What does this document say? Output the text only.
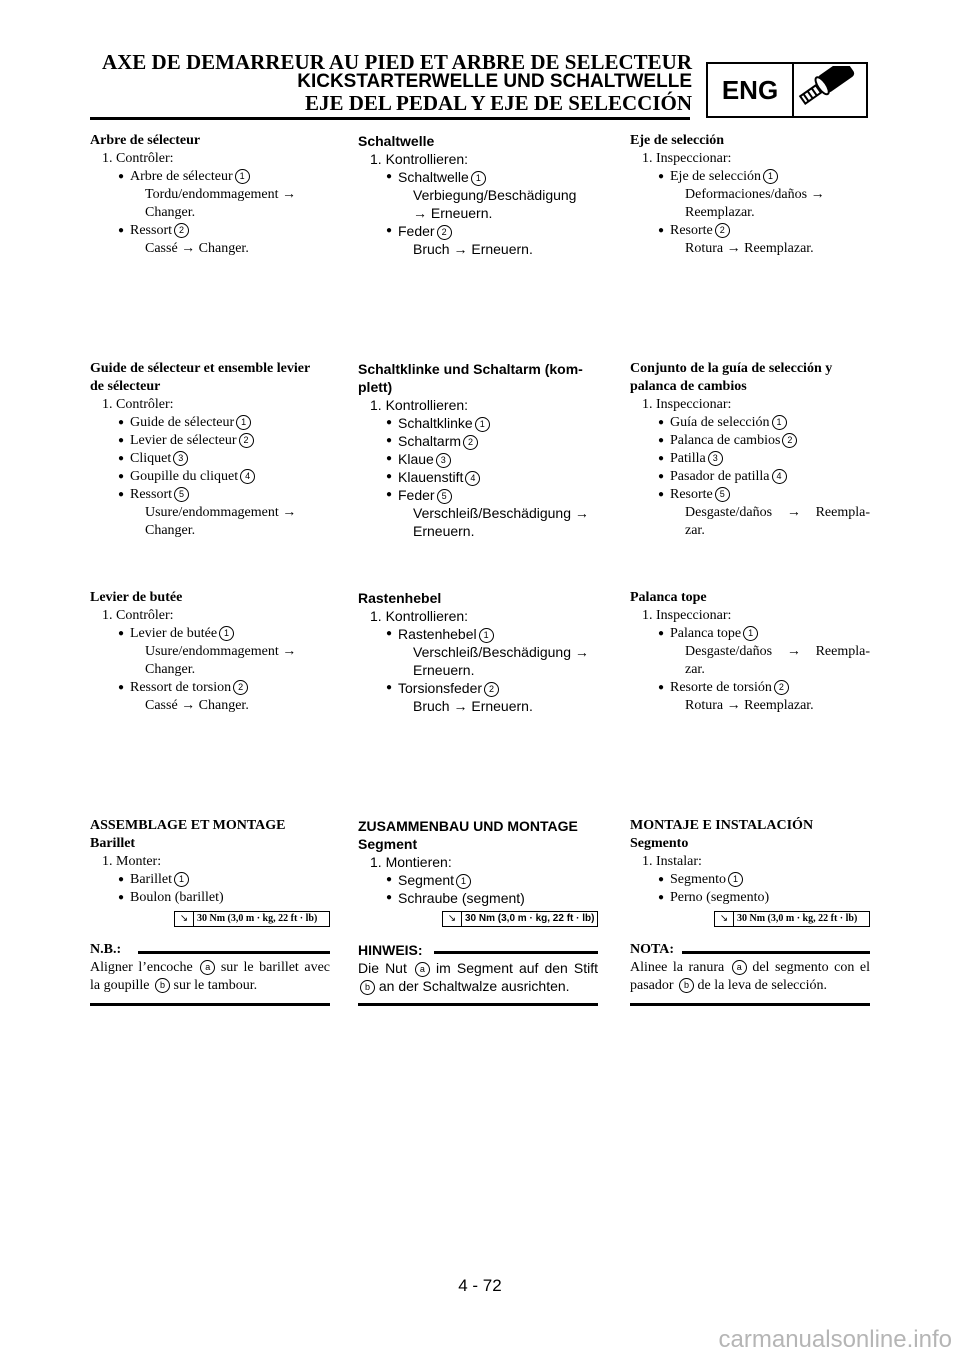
AXE DE DEMARREUR AU PIED ET ARBRE DE SELECTEUR
KICKSTARTERWELLE UND SCHALTWELLE
EJE DEL PEDAL Y EJE DE SELECCIÓN	ENG
Arbre de sélecteur
1. Contrôler:
● Arbre de sélecteur 1
Tordu/endommagement →
Changer.
● Ressort 2
Cassé → Changer.
Guide de sélecteur et ensemble levier
de sélecteur
1. Contrôler:
● Guide de sélecteur 1
● Levier de sélecteur 2
● Cliquet 3
● Goupille du cliquet 4
● Ressort 5
Usure/endommagement →
Changer.
Levier de butée
1. Contrôler:
● Levier de butée 1
Usure/endommagement →
Changer.
● Ressort de torsion 2
Cassé → Changer.
ASSEMBLAGE ET MONTAGE
Barillet
1. Monter:
● Barillet 1
● Boulon (barillet)
↘ 30 Nm (3,0 m · kg, 22 ft · lb)
N.B.:
Aligner l’encoche a sur le barillet avec la goupille b sur le tambour.
Schaltwelle
1. Kontrollieren:
● Schaltwelle 1
Verbiegung/Beschädigung
→ Erneuern.
● Feder 2
Bruch → Erneuern.
Schaltklinke und Schaltarm (kom-
plett)
1. Kontrollieren:
● Schaltklinke 1
● Schaltarm 2
● Klaue 3
● Klauenstift 4
● Feder 5
Verschleiß/Beschädigung →
Erneuern.
Rastenhebel
1. Kontrollieren:
● Rastenhebel 1
Verschleiß/Beschädigung →
Erneuern.
● Torsionsfeder 2
Bruch → Erneuern.
ZUSAMMENBAU UND MONTAGE
Segment
1. Montieren:
● Segment 1
● Schraube (segment)
↘ 30 Nm (3,0 m · kg, 22 ft · lb)
HINWEIS:
Die Nut a im Segment auf den Stift b an der Schaltwalze ausrichten.
Eje de selección
1. Inspeccionar:
● Eje de selección 1
Deformaciones/daños →
Reemplazar.
● Resorte 2
Rotura → Reemplazar.
Conjunto de la guía de selección y
palanca de cambios
1. Inspeccionar:
● Guía de selección 1
● Palanca de cambios 2
● Patilla 3
● Pasador de patilla 4
● Resorte 5
Desgaste/daños → Reempla-
zar.
Palanca tope
1. Inspeccionar:
● Palanca tope 1
Desgaste/daños → Reempla-
zar.
● Resorte de torsión 2
Rotura → Reemplazar.
MONTAJE E INSTALACIÓN
Segmento
1. Instalar:
● Segmento 1
● Perno (segmento)
↘ 30 Nm (3,0 m · kg, 22 ft · lb)
NOTA:
Alinee la ranura a del segmento con el pasador b de la leva de selección.
4 - 72
carmanualsonline.info
